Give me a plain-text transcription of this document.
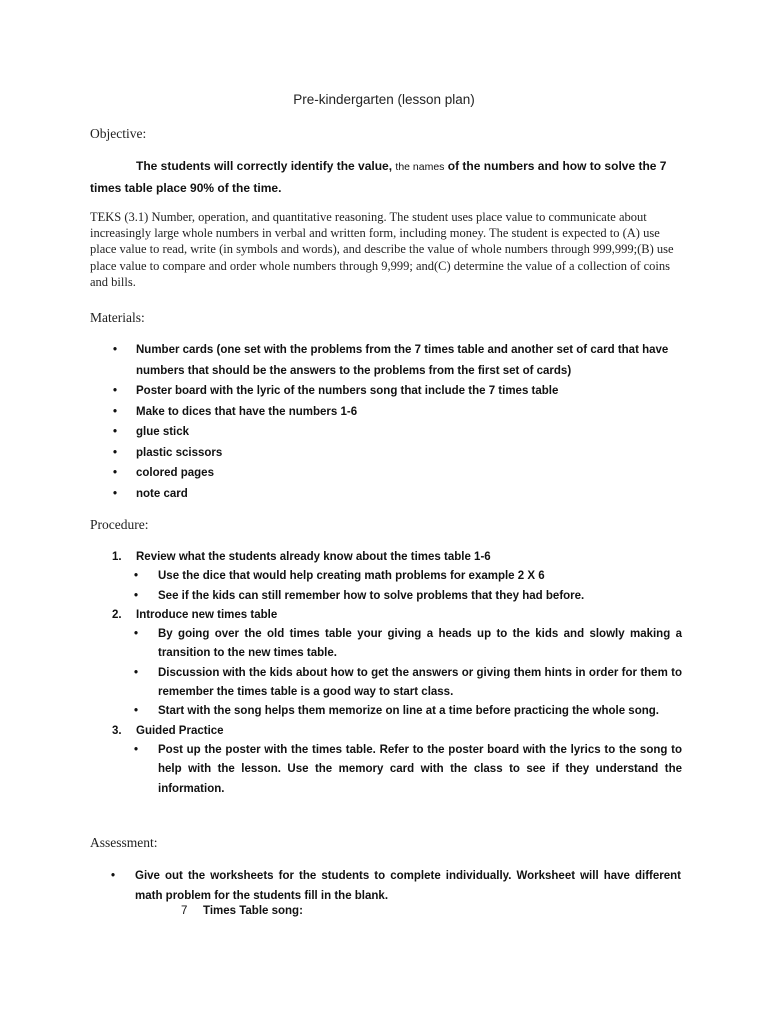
Pre-kindergarten (lesson plan)
Objective:
The students will correctly identify the value, the names of the numbers and how to solve the 7 times table place 90% of the time.
TEKS (3.1) Number, operation, and quantitative reasoning. The student uses place value to communicate about increasingly large whole numbers in verbal and written form, including money. The student is expected to (A) use place value to read, write (in symbols and words), and describe the value of whole numbers through 999,999;(B) use place value to compare and order whole numbers through 9,999; and(C) determine the value of a collection of coins and bills.
Materials:
• Number cards (one set with the problems from the 7 times table and another set of card that have numbers that should be the answers to the problems from the first set of cards)
• Poster board with the lyric of the numbers song that include the 7 times table
• Make to dices that have the numbers 1-6
• glue stick
• plastic scissors
• colored pages
• note card
Procedure:
1. Review what the students already know about the times table 1-6
• Use the dice that would help creating math problems for example 2 X 6
• See if the kids can still remember how to solve problems that they had before.
2. Introduce new times table
• By going over the old times table your giving a heads up to the kids and slowly making a transition to the new times table.
• Discussion with the kids about how to get the answers or giving them hints in order for them to remember the times table is a good way to start class.
• Start with the song helps them memorize on line at a time before practicing the whole song.
3. Guided Practice
• Post up the poster with the times table. Refer to the poster board with the lyrics to the song to help with the lesson. Use the memory card with the class to see if they understand the information.
Assessment:
• Give out the worksheets for the students to complete individually. Worksheet will have different math problem for the students fill in the blank.
7 Times Table song:
